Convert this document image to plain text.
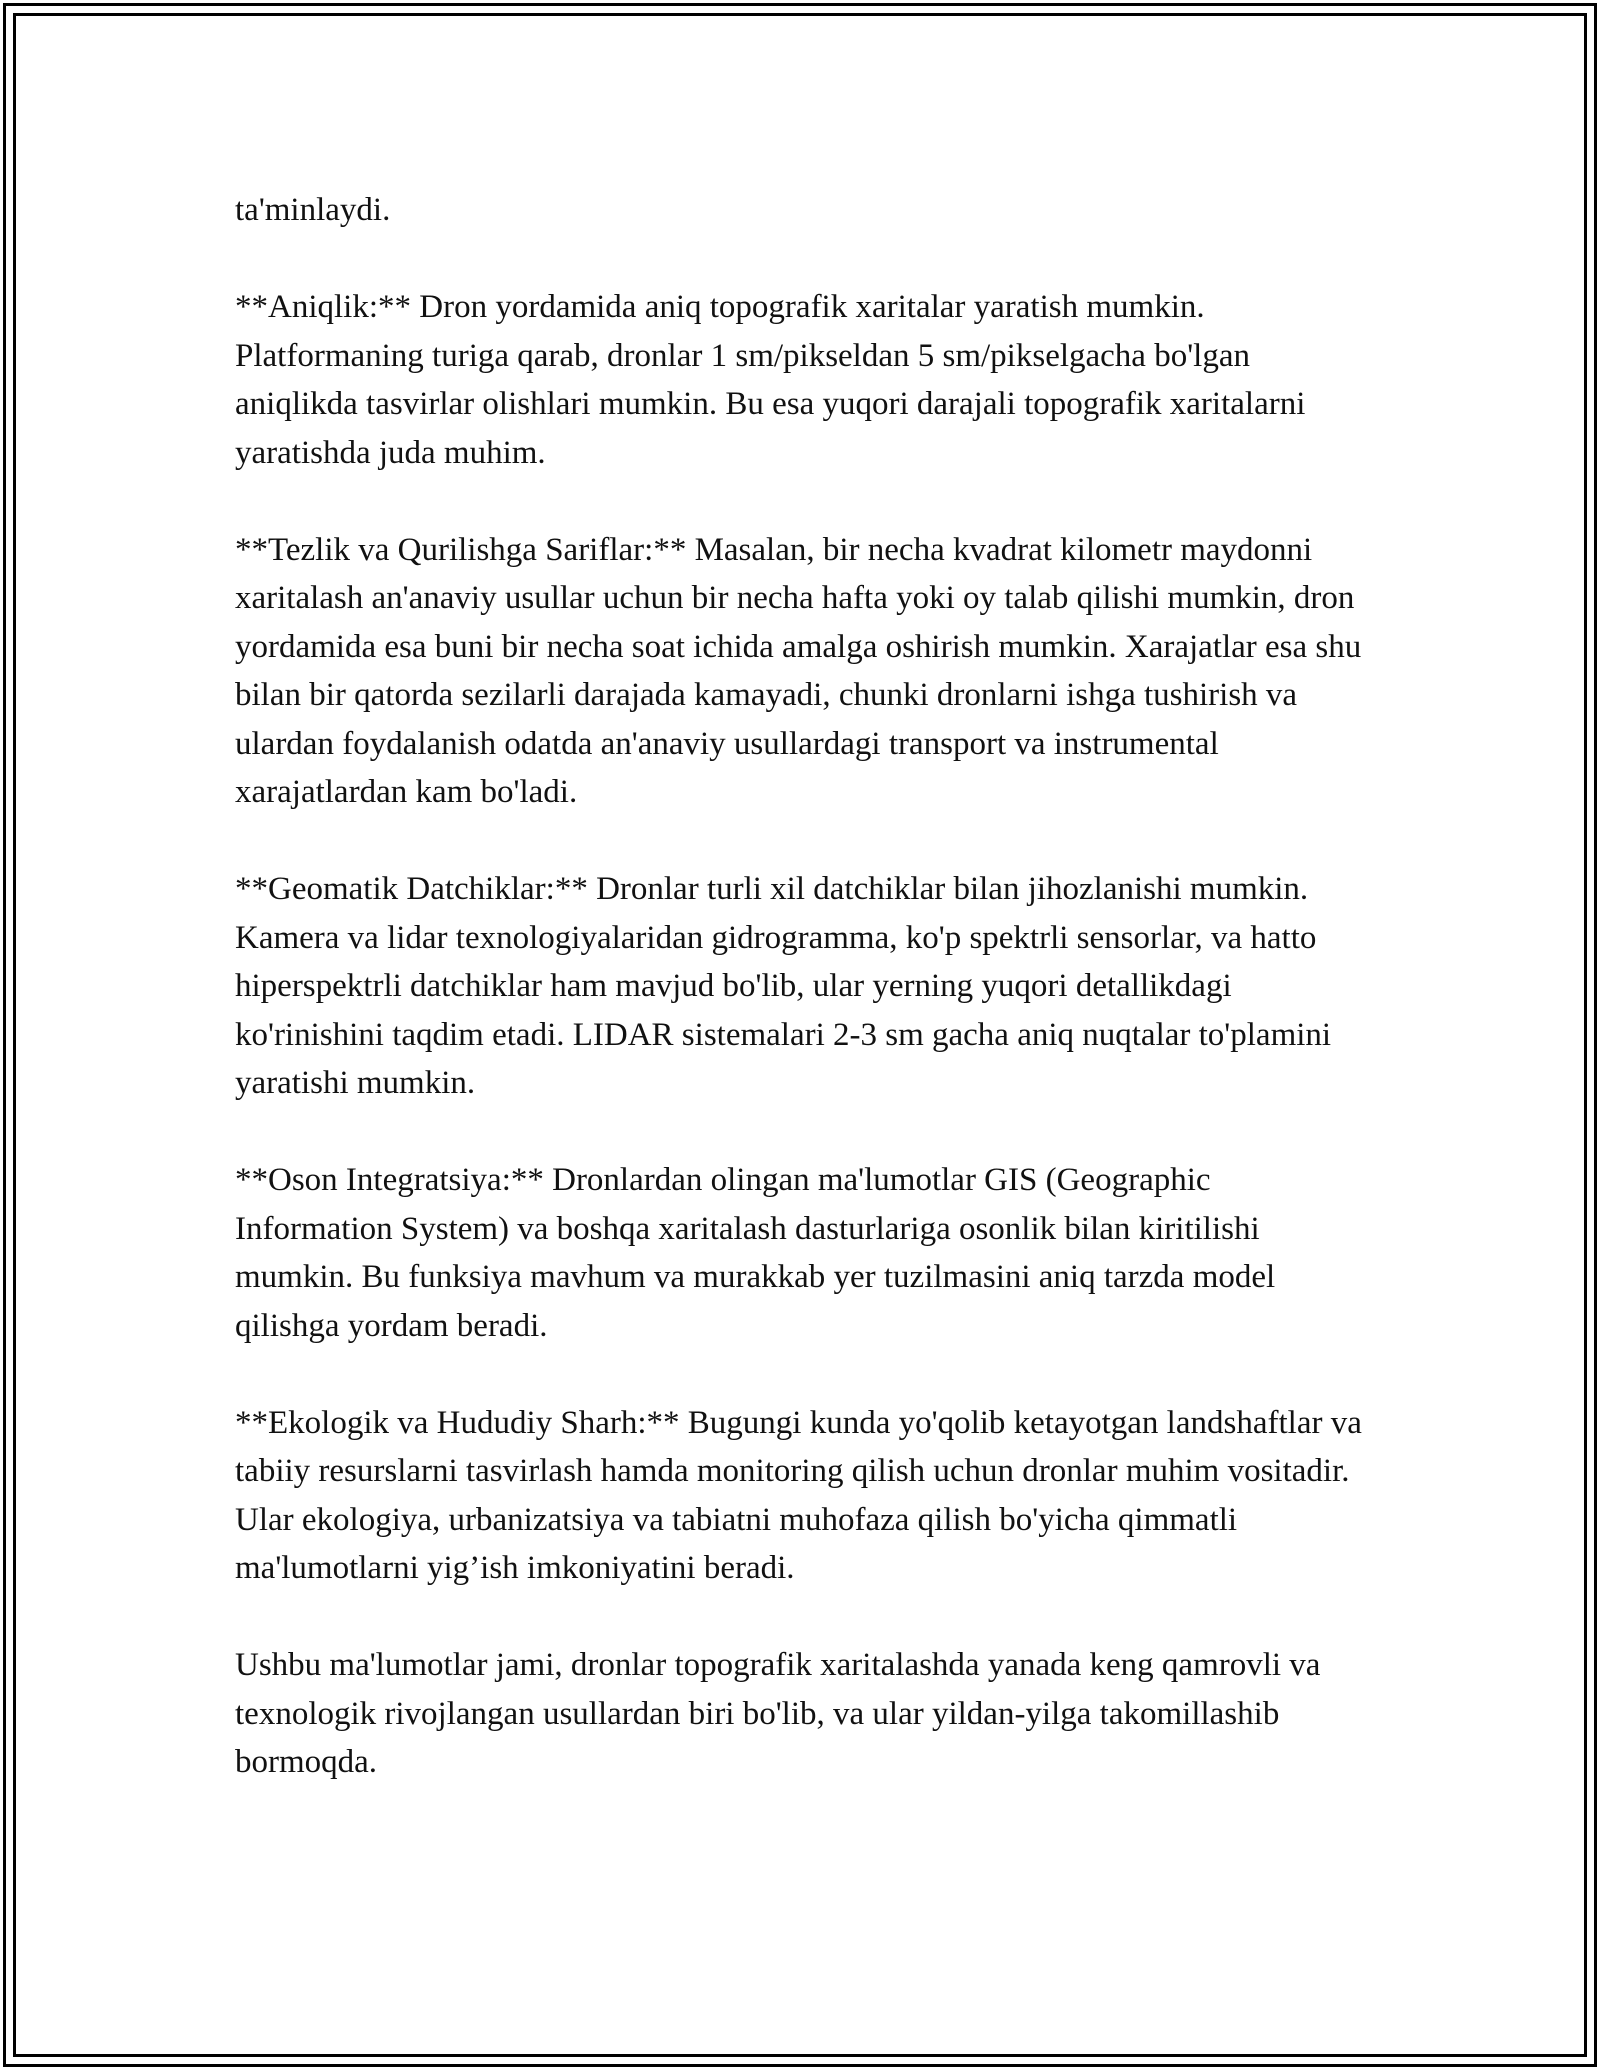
ta'minlaydi.

**Aniqlik:** Dron yordamida aniq topografik xaritalar yaratish mumkin. Platformaning turiga qarab, dronlar 1 sm/pikseldan 5 sm/pikselgacha bo'lgan aniqlikda tasvirlar olishlari mumkin. Bu esa yuqori darajali topografik xaritalarni yaratishda juda muhim.

**Tezlik va Qurilishga Sariflar:** Masalan, bir necha kvadrat kilometr maydonni xaritalash an'anaviy usullar uchun bir necha hafta yoki oy talab qilishi mumkin, dron yordamida esa buni bir necha soat ichida amalga oshirish mumkin. Xarajatlar esa shu bilan bir qatorda sezilarli darajada kamayadi, chunki dronlarni ishga tushirish va ulardan foydalanish odatda an'anaviy usullardagi transport va instrumental xarajatlardan kam bo'ladi.

**Geomatik Datchiklar:** Dronlar turli xil datchiklar bilan jihozlanishi mumkin. Kamera va lidar texnologiyalaridan gidrogramma, ko'p spektrli sensorlar, va hatto hiperspektrli datchiklar ham mavjud bo'lib, ular yerning yuqori detallikdagi ko'rinishini taqdim etadi. LIDAR sistemalari 2-3 sm gacha aniq nuqtalar to'plamini yaratishi mumkin.

**Oson Integratsiya:** Dronlardan olingan ma'lumotlar GIS (Geographic Information System) va boshqa xaritalash dasturlariga osonlik bilan kiritilishi mumkin. Bu funksiya mavhum va murakkab yer tuzilmasini aniq tarzda model qilishga yordam beradi.

**Ekologik va Hududiy Sharh:** Bugungi kunda yo'qolib ketayotgan landshaftlar va tabiiy resurslarni tasvirlash hamda monitoring qilish uchun dronlar muhim vositadir. Ular ekologiya, urbanizatsiya va tabiatni muhofaza qilish bo'yicha qimmatli ma'lumotlarni yig’ish imkoniyatini beradi.

Ushbu ma'lumotlar jami, dronlar topografik xaritalashda yanada keng qamrovli va texnologik rivojlangan usullardan biri bo'lib, va ular yildan-yilga takomillashib bormoqda.
